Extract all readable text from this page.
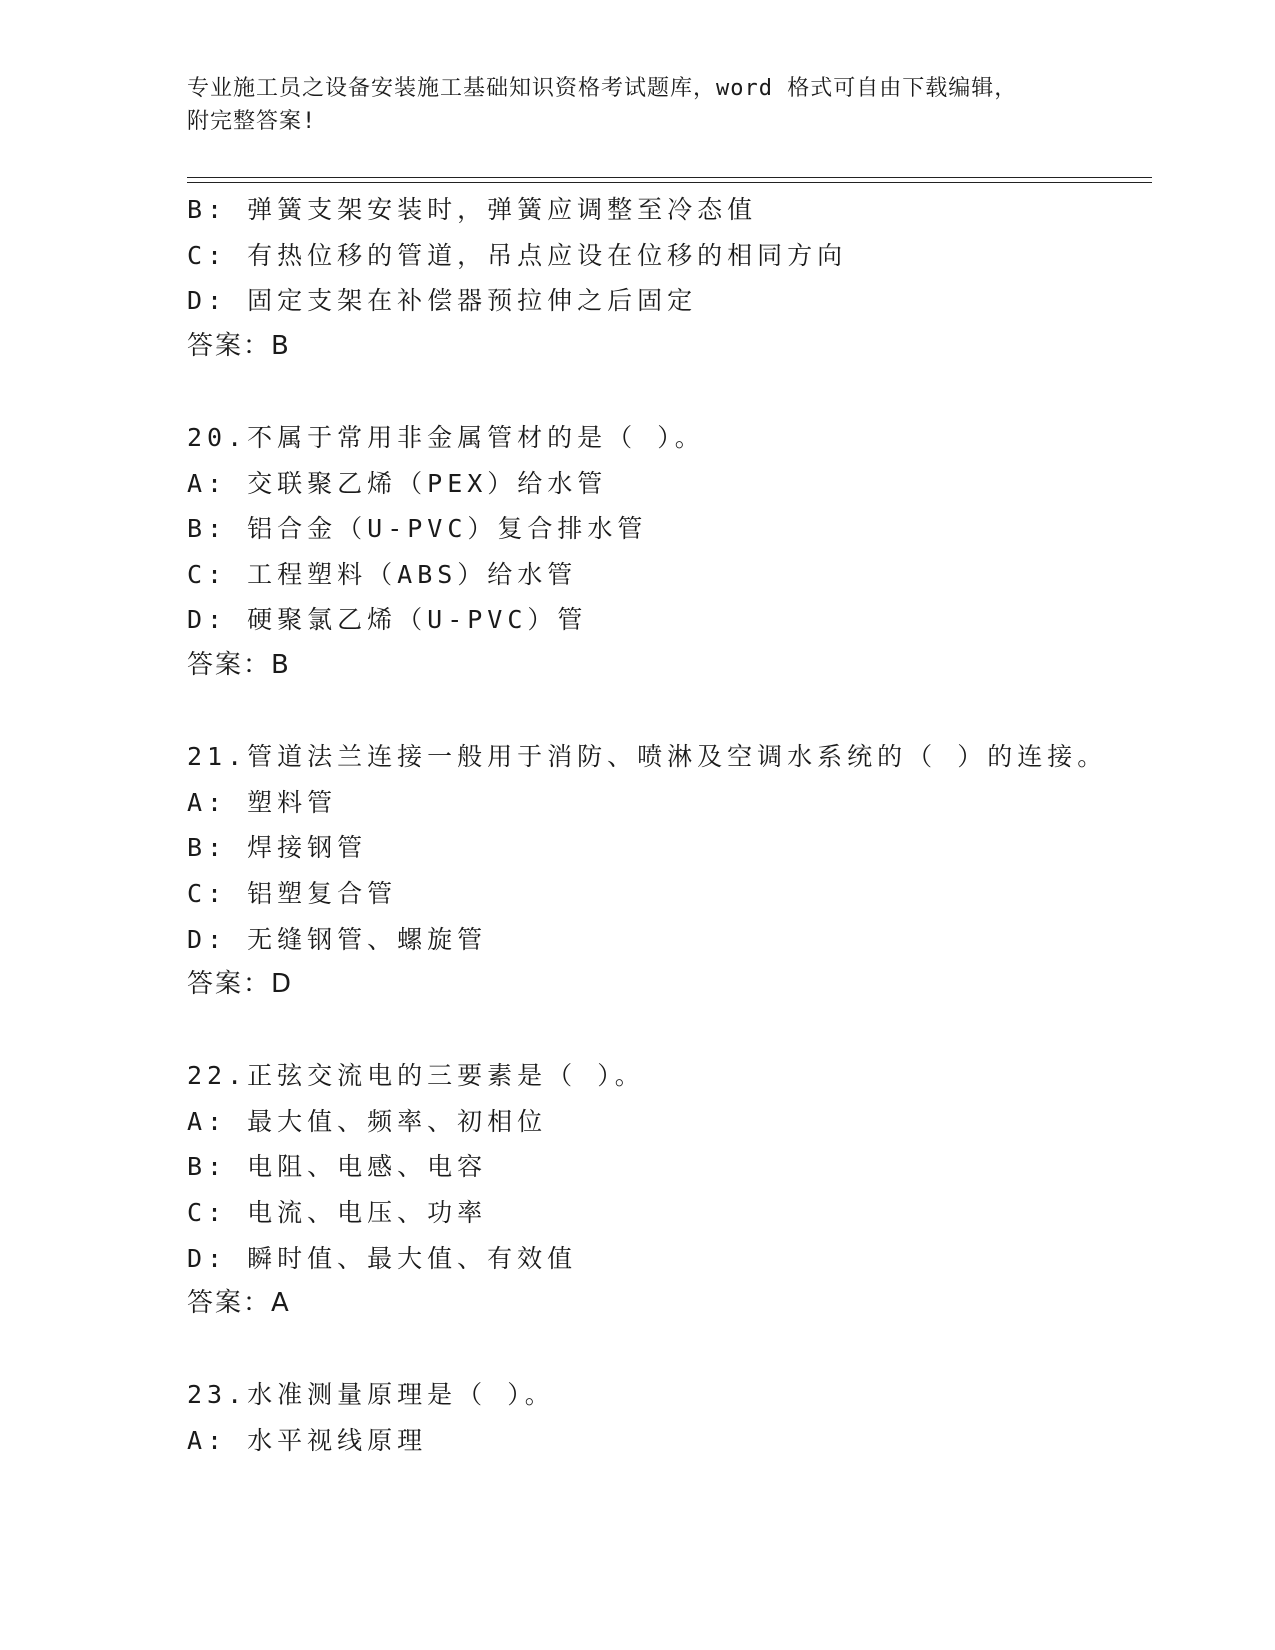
专业施工员之设备安装施工基础知识资格考试题库，word 格式可自由下载编辑，
附完整答案!
B: 弹簧支架安装时，弹簧应调整至冷态值
C: 有热位移的管道，吊点应设在位移的相同方向
D: 固定支架在补偿器预拉伸之后固定
答案：B
20.不属于常用非金属管材的是（ ）。
A: 交联聚乙烯（PEX）给水管
B: 铝合金（U-PVC）复合排水管
C: 工程塑料（ABS）给水管
D: 硬聚氯乙烯（U-PVC）管
答案：B
21.管道法兰连接一般用于消防、喷淋及空调水系统的（ ）的连接。
A: 塑料管
B: 焊接钢管
C: 铝塑复合管
D: 无缝钢管、螺旋管
答案：D
22.正弦交流电的三要素是（ ）。
A: 最大值、频率、初相位
B: 电阻、电感、电容
C: 电流、电压、功率
D: 瞬时值、最大值、有效值
答案：A
23.水准测量原理是（ ）。
A: 水平视线原理
